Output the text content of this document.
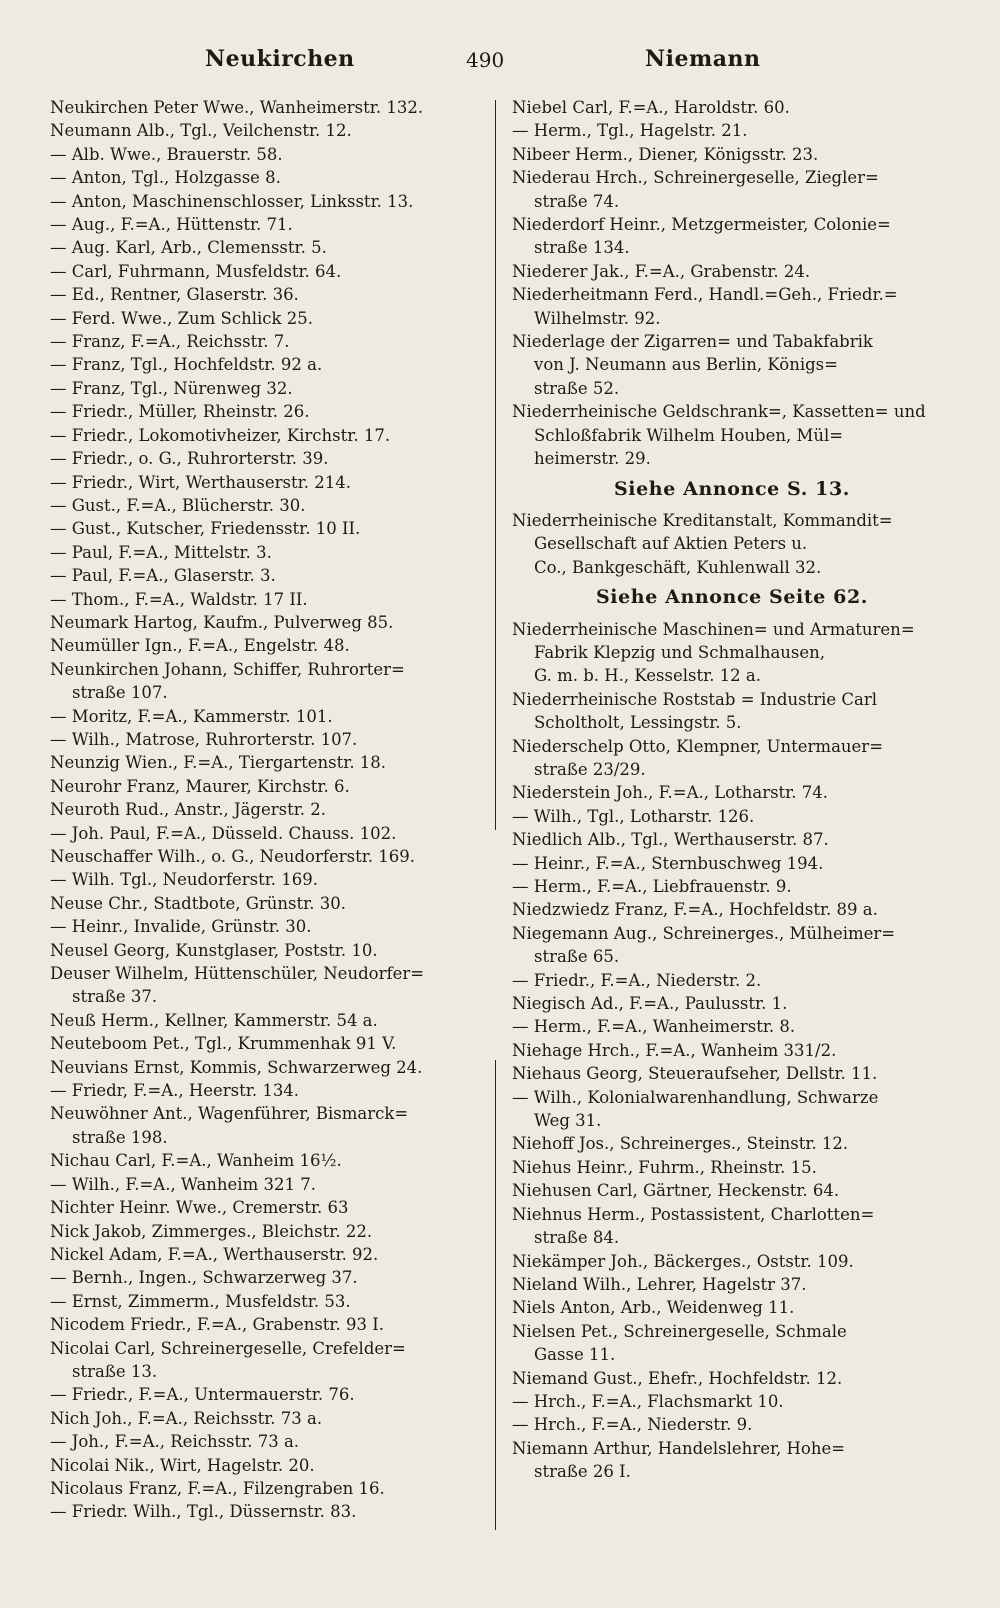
Neukirchen	490	Niemann
Neukirchen Peter Wwe., Wanheimerstr. 132.
Neumann Alb., Tgl., Veilchenstr. 12.
— Alb. Wwe., Brauerstr. 58.
— Anton, Tgl., Holzgasse 8.
— Anton, Maschinenschlosser, Linksstr. 13.
— Aug., F.=A., Hüttenstr. 71.
— Aug. Karl, Arb., Clemensstr. 5.
— Carl, Fuhrmann, Musfeldstr. 64.
— Ed., Rentner, Glaserstr. 36.
— Ferd. Wwe., Zum Schlick 25.
— Franz, F.=A., Reichsstr. 7.
— Franz, Tgl., Hochfeldstr. 92 a.
— Franz, Tgl., Nürenweg 32.
— Friedr., Müller, Rheinstr. 26.
— Friedr., Lokomotivheizer, Kirchstr. 17.
— Friedr., o. G., Ruhrorterstr. 39.
— Friedr., Wirt, Werthauserstr. 214.
— Gust., F.=A., Blücherstr. 30.
— Gust., Kutscher, Friedensstr. 10 II.
— Paul, F.=A., Mittelstr. 3.
— Paul, F.=A., Glaserstr. 3.
— Thom., F.=A., Waldstr. 17 II.
Neumark Hartog, Kaufm., Pulverweg 85.
Neumüller Ign., F.=A., Engelstr. 48.
Neunkirchen Johann, Schiffer, Ruhrorter=
straße 107.
— Moritz, F.=A., Kammerstr. 101.
— Wilh., Matrose, Ruhrorterstr. 107.
Neunzig Wien., F.=A., Tiergartenstr. 18.
Neurohr Franz, Maurer, Kirchstr. 6.
Neuroth Rud., Anstr., Jägerstr. 2.
— Joh. Paul, F.=A., Düsseld. Chauss. 102.
Neuschaffer Wilh., o. G., Neudorferstr. 169.
— Wilh. Tgl., Neudorferstr. 169.
Neuse Chr., Stadtbote, Grünstr. 30.
— Heinr., Invalide, Grünstr. 30.
Neusel Georg, Kunstglaser, Poststr. 10.
Deuser Wilhelm, Hüttenschüler, Neudorfer=
straße 37.
Neuß Herm., Kellner, Kammerstr. 54 a.
Neuteboom Pet., Tgl., Krummenhak 91 V.
Neuvians Ernst, Kommis, Schwarzerweg 24.
— Friedr, F.=A., Heerstr. 134.
Neuwöhner Ant., Wagenführer, Bismarck=
straße 198.
Nichau Carl, F.=A., Wanheim 16½.
— Wilh., F.=A., Wanheim 321 7.
Nichter Heinr. Wwe., Cremerstr. 63
Nick Jakob, Zimmerges., Bleichstr. 22.
Nickel Adam, F.=A., Werthauserstr. 92.
— Bernh., Ingen., Schwarzerweg 37.
— Ernst, Zimmerm., Musfeldstr. 53.
Nicodem Friedr., F.=A., Grabenstr. 93 I.
Nicolai Carl, Schreinergeselle, Crefelder=
straße 13.
— Friedr., F.=A., Untermauerstr. 76.
Nich Joh., F.=A., Reichsstr. 73 a.
— Joh., F.=A., Reichsstr. 73 a.
Nicolai Nik., Wirt, Hagelstr. 20.
Nicolaus Franz, F.=A., Filzengraben 16.
— Friedr. Wilh., Tgl., Düssernstr. 83.
Niebel Carl, F.=A., Haroldstr. 60.
— Herm., Tgl., Hagelstr. 21.
Nibeer Herm., Diener, Königsstr. 23.
Niederau Hrch., Schreinergeselle, Ziegler=
straße 74.
Niederdorf Heinr., Metzgermeister, Colonie=
straße 134.
Niederer Jak., F.=A., Grabenstr. 24.
Niederheitmann Ferd., Handl.=Geh., Friedr.=
Wilhelmstr. 92.
Niederlage der Zigarren= und Tabakfabrik
von J. Neumann aus Berlin, Königs=
straße 52.
Niederrheinische Geldschrank=, Kassetten= und
Schloßfabrik Wilhelm Houben, Mül=
heimerstr. 29.
Siehe Annonce S. 13.
Niederrheinische Kreditanstalt, Kommandit=
Gesellschaft auf Aktien Peters u.
Co., Bankgeschäft, Kuhlenwall 32.
Siehe Annonce Seite 62.
Niederrheinische Maschinen= und Armaturen=
Fabrik Klepzig und Schmalhausen,
G. m. b. H., Kesselstr. 12 a.
Niederrheinische Roststab = Industrie Carl
Scholtholt, Lessingstr. 5.
Niederschelp Otto, Klempner, Untermauer=
straße 23/29.
Niederstein Joh., F.=A., Lotharstr. 74.
— Wilh., Tgl., Lotharstr. 126.
Niedlich Alb., Tgl., Werthauserstr. 87.
— Heinr., F.=A., Sternbuschweg 194.
— Herm., F.=A., Liebfrauenstr. 9.
Niedzwiedz Franz, F.=A., Hochfeldstr. 89 a.
Niegemann Aug., Schreinerges., Mülheimer=
straße 65.
— Friedr., F.=A., Niederstr. 2.
Niegisch Ad., F.=A., Paulusstr. 1.
— Herm., F.=A., Wanheimerstr. 8.
Niehage Hrch., F.=A., Wanheim 331/2.
Niehaus Georg, Steueraufseher, Dellstr. 11.
— Wilh., Kolonialwarenhandlung, Schwarze
Weg 31.
Niehoff Jos., Schreinerges., Steinstr. 12.
Niehus Heinr., Fuhrm., Rheinstr. 15.
Niehusen Carl, Gärtner, Heckenstr. 64.
Niehnus Herm., Postassistent, Charlotten=
straße 84.
Niekämper Joh., Bäckerges., Oststr. 109.
Nieland Wilh., Lehrer, Hagelstr 37.
Niels Anton, Arb., Weidenweg 11.
Nielsen Pet., Schreinergeselle, Schmale
Gasse 11.
Niemand Gust., Ehefr., Hochfeldstr. 12.
— Hrch., F.=A., Flachsmarkt 10.
— Hrch., F.=A., Niederstr. 9.
Niemann Arthur, Handelslehrer, Hohe=
straße 26 I.
